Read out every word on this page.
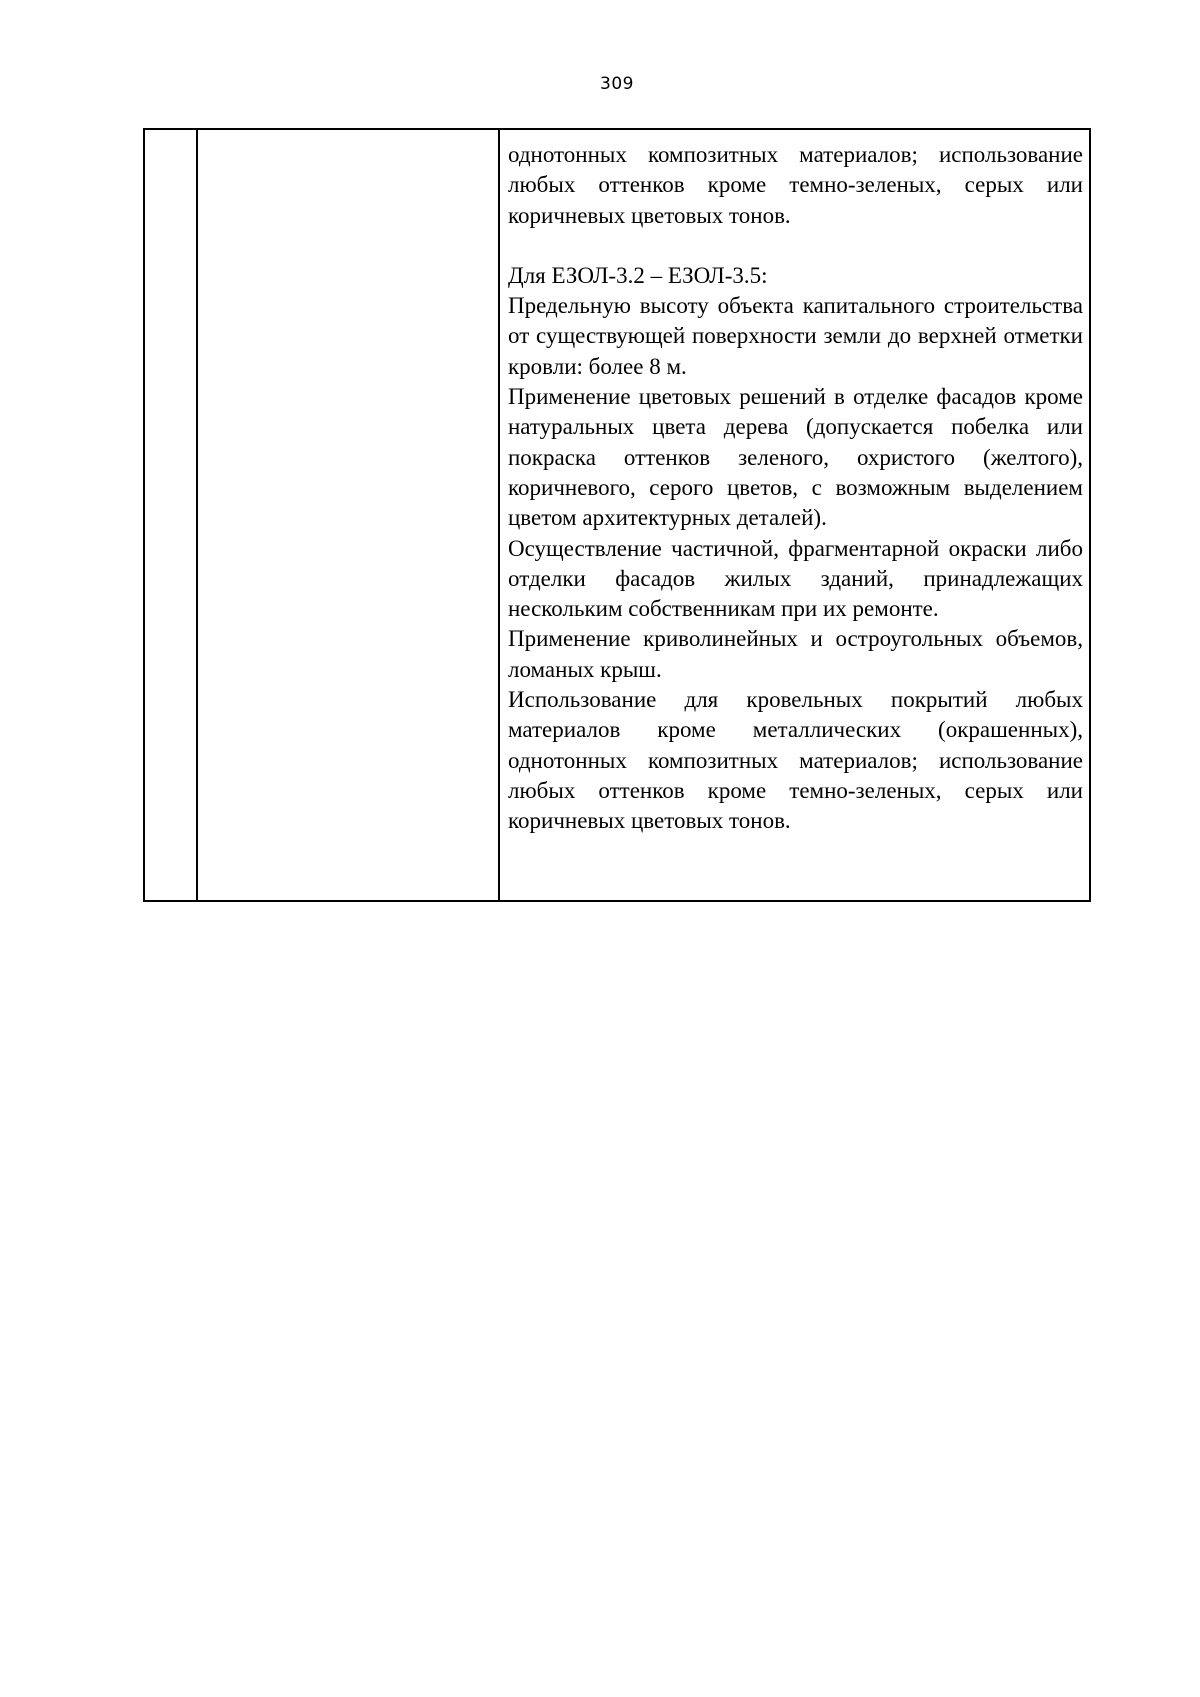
309

однотонных композитных материалов; использование любых оттенков кроме темно-зеленых, серых или коричневых цветовых тонов.

Для ЕЗОЛ-3.2 – ЕЗОЛ-3.5:

Предельную высоту объекта капитального строительства от существующей поверхности земли до верхней отметки кровли: более 8 м.

Применение цветовых решений в отделке фасадов кроме натуральных цвета дерева (допускается побелка или покраска оттенков зеленого, охристого (желтого), коричневого, серого цветов, с возможным выделением цветом архитектурных деталей).

Осуществление частичной, фрагментарной окраски либо отделки фасадов жилых зданий, принадлежащих нескольким собственникам при их ремонте.

Применение криволинейных и остроугольных объемов, ломаных крыш.

Использование для кровельных покрытий любых материалов кроме металлических (окрашенных), однотонных композитных материалов; использование любых оттенков кроме темно-зеленых, серых или коричневых цветовых тонов.
